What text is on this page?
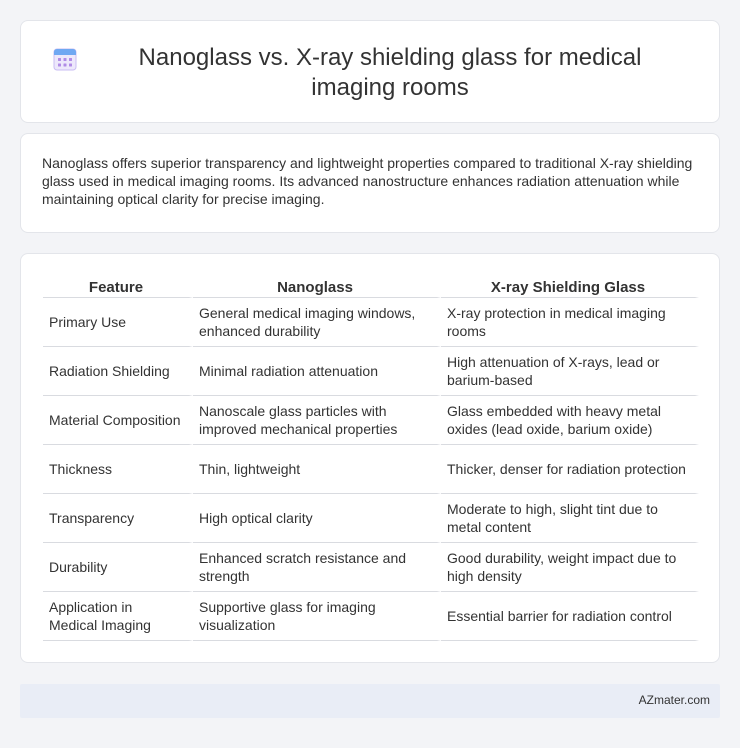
Nanoglass vs. X-ray shielding glass for medical imaging rooms

Nanoglass offers superior transparency and lightweight properties compared to traditional X-ray shielding glass used in medical imaging rooms. Its advanced nanostructure enhances radiation attenuation while maintaining optical clarity for precise imaging.

Feature	Nanoglass	X-ray Shielding Glass
Primary Use	General medical imaging windows, enhanced durability	X-ray protection in medical imaging rooms
Radiation Shielding	Minimal radiation attenuation	High attenuation of X-rays, lead or barium-based
Material Composition	Nanoscale glass particles with improved mechanical properties	Glass embedded with heavy metal oxides (lead oxide, barium oxide)
Thickness	Thin, lightweight	Thicker, denser for radiation protection
Transparency	High optical clarity	Moderate to high, slight tint due to metal content
Durability	Enhanced scratch resistance and strength	Good durability, weight impact due to high density
Application in Medical Imaging	Supportive glass for imaging visualization	Essential barrier for radiation control
AZmater.com
